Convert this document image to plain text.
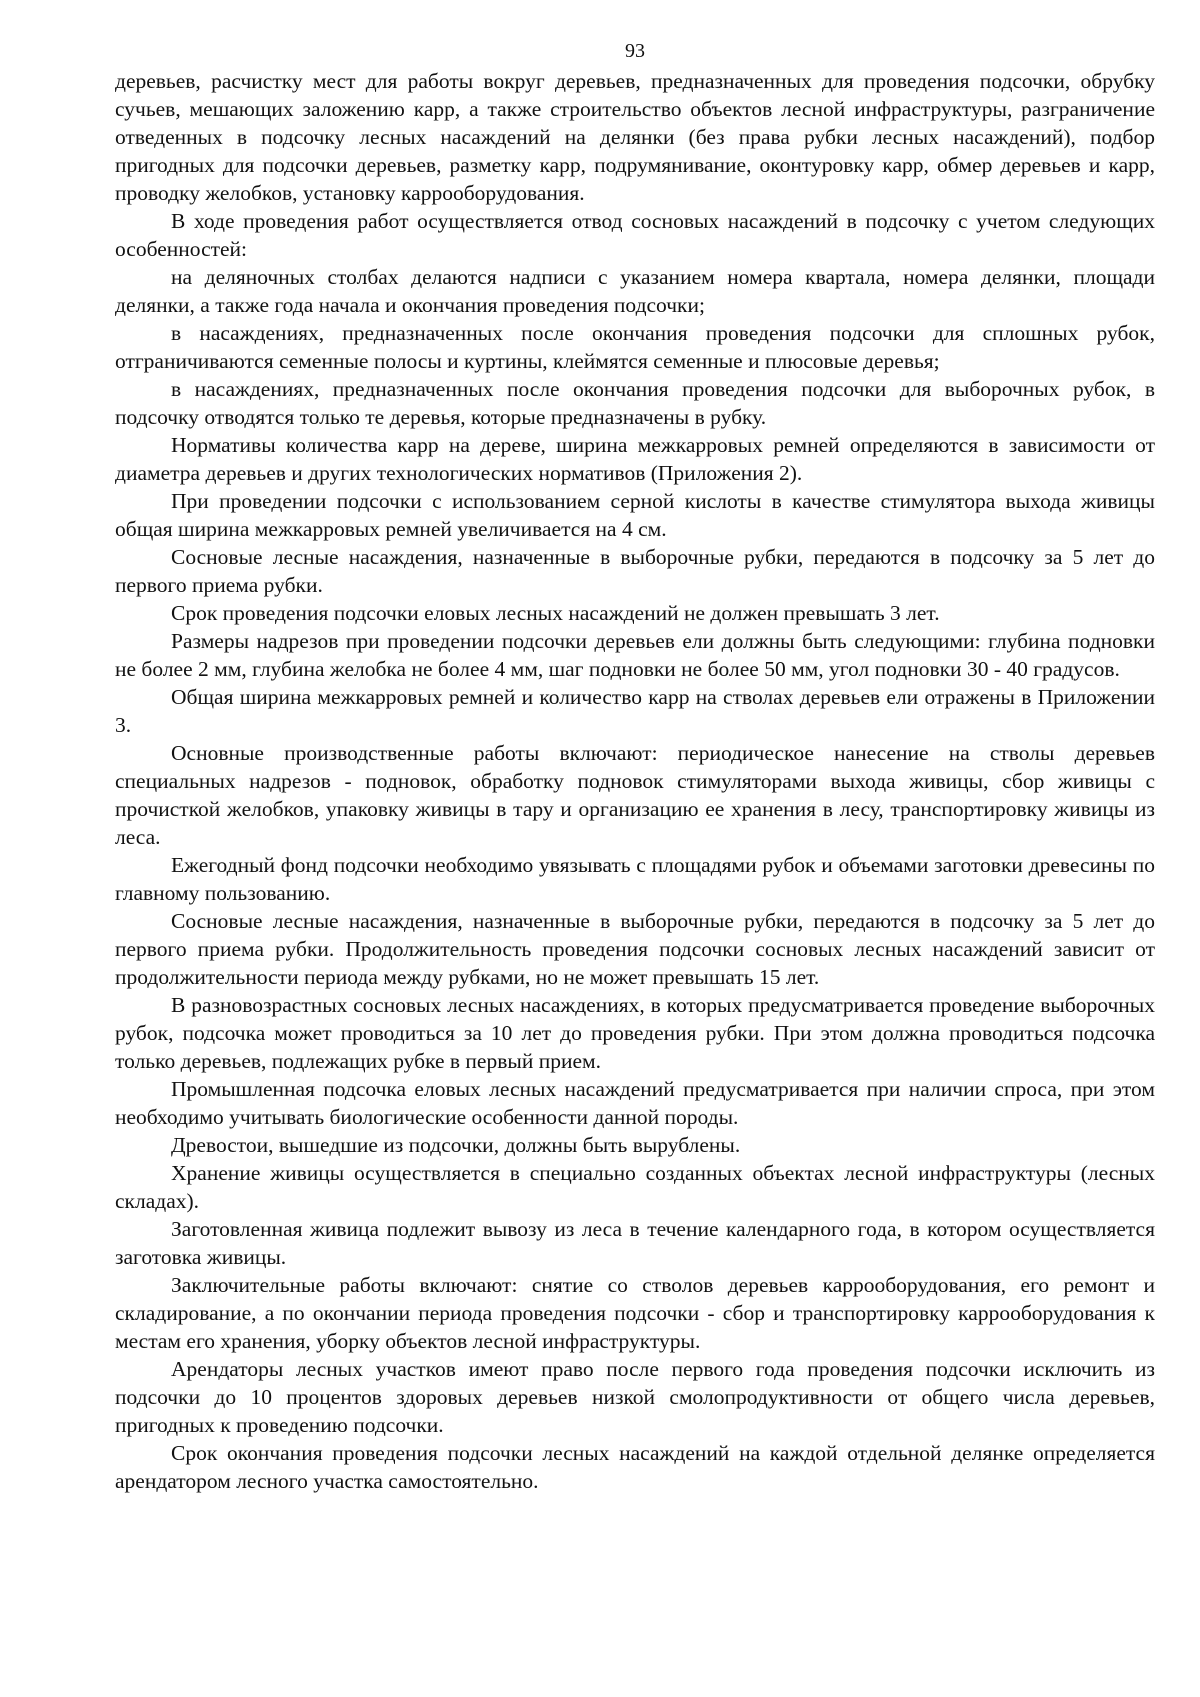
93

деревьев, расчистку мест для работы вокруг деревьев, предназначенных для проведения подсочки, обрубку сучьев, мешающих заложению карр, а также строительство объектов лесной инфраструктуры, разграничение отведенных в подсочку лесных насаждений на делянки (без права рубки лесных насаждений), подбор пригодных для подсочки деревьев, разметку карр, подрумянивание, оконтуровку карр, обмер деревьев и карр, проводку желобков, установку каррооборудования.

В ходе проведения работ осуществляется отвод сосновых насаждений в подсочку с учетом следующих особенностей:

на деляночных столбах делаются надписи с указанием номера квартала, номера делянки, площади делянки, а также года начала и окончания проведения подсочки;

в насаждениях, предназначенных после окончания проведения подсочки для сплошных рубок, отграничиваются семенные полосы и куртины, клеймятся семенные и плюсовые деревья;

в насаждениях, предназначенных после окончания проведения подсочки для выборочных рубок, в подсочку отводятся только те деревья, которые предназначены в рубку.

Нормативы количества карр на дереве, ширина межкарровых ремней определяются в зависимости от диаметра деревьев и других технологических нормативов (Приложения 2).

При проведении подсочки с использованием серной кислоты в качестве стимулятора выхода живицы общая ширина межкарровых ремней увеличивается на 4 см.

Сосновые лесные насаждения, назначенные в выборочные рубки, передаются в подсочку за 5 лет до первого приема рубки.

Срок проведения подсочки еловых лесных насаждений не должен превышать 3 лет.

Размеры надрезов при проведении подсочки деревьев ели должны быть следующими: глубина подновки не более 2 мм, глубина желобка не более 4 мм, шаг подновки не более 50 мм, угол подновки 30 - 40 градусов.

Общая ширина межкарровых ремней и количество карр на стволах деревьев ели отражены в Приложении 3.

Основные производственные работы включают: периодическое нанесение на стволы деревьев специальных надрезов - подновок, обработку подновок стимуляторами выхода живицы, сбор живицы с прочисткой желобков, упаковку живицы в тару и организацию ее хранения в лесу, транспортировку живицы из леса.

Ежегодный фонд подсочки необходимо увязывать с площадями рубок и объемами заготовки древесины по главному пользованию.

Сосновые лесные насаждения, назначенные в выборочные рубки, передаются в подсочку за 5 лет до первого приема рубки. Продолжительность проведения подсочки сосновых лесных насаждений зависит от продолжительности периода между рубками, но не может превышать 15 лет.

В разновозрастных сосновых лесных насаждениях, в которых предусматривается проведение выборочных рубок, подсочка может проводиться за 10 лет до проведения рубки. При этом должна проводиться подсочка только деревьев, подлежащих рубке в первый прием.

Промышленная подсочка еловых лесных насаждений предусматривается при наличии спроса, при этом необходимо учитывать биологические особенности данной породы.

Древостои, вышедшие из подсочки, должны быть вырублены.

Хранение живицы осуществляется в специально созданных объектах лесной инфраструктуры (лесных складах).

Заготовленная живица подлежит вывозу из леса в течение календарного года, в котором осуществляется заготовка живицы.

Заключительные работы включают: снятие со стволов деревьев каррооборудования, его ремонт и складирование, а по окончании периода проведения подсочки - сбор и транспортировку каррооборудования к местам его хранения, уборку объектов лесной инфраструктуры.

Арендаторы лесных участков имеют право после первого года проведения подсочки исключить из подсочки до 10 процентов здоровых деревьев низкой смолопродуктивности от общего числа деревьев, пригодных к проведению подсочки.

Срок окончания проведения подсочки лесных насаждений на каждой отдельной делянке определяется арендатором лесного участка самостоятельно.
